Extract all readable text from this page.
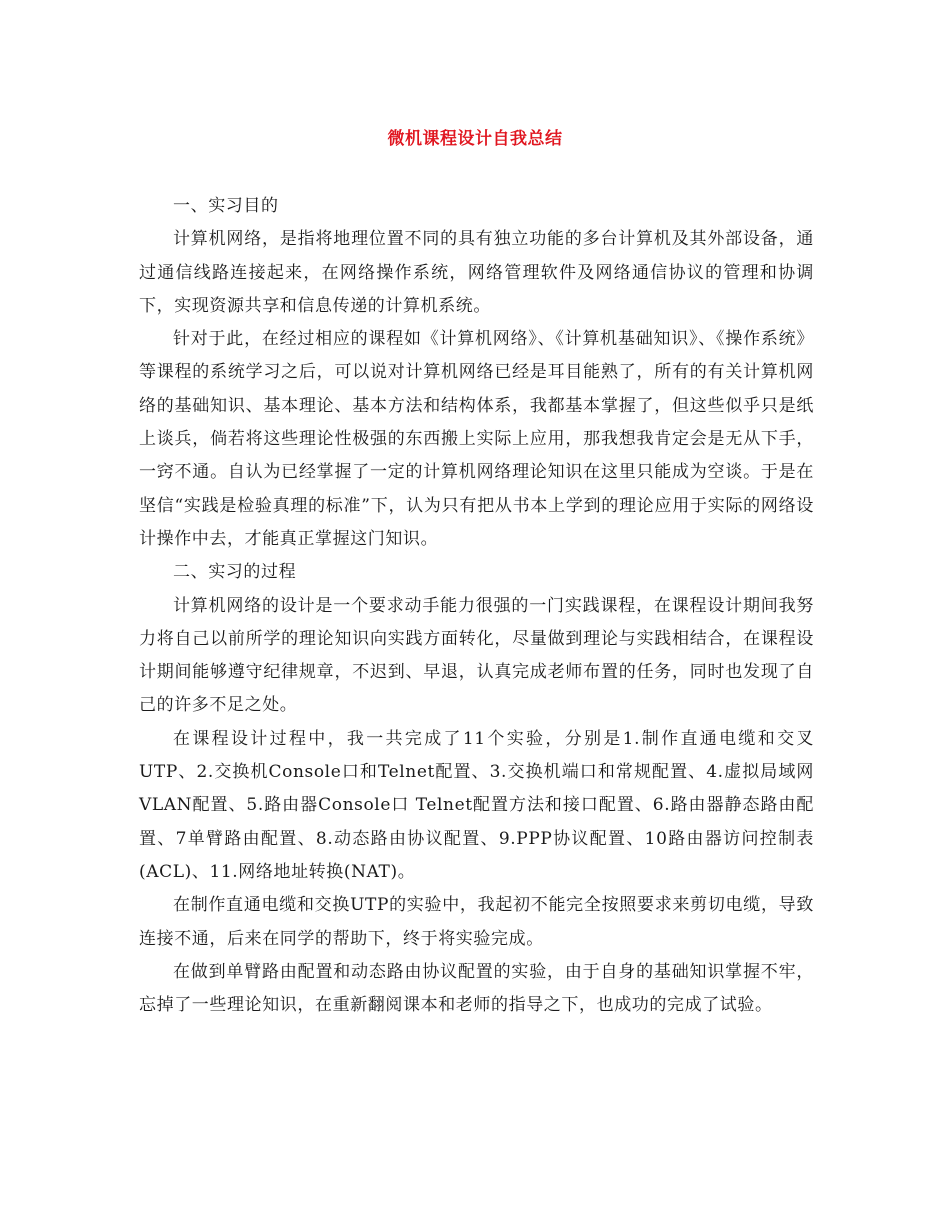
微机课程设计自我总结

一、实习目的

计算机网络，是指将地理位置不同的具有独立功能的多台计算机及其外部设备，通过通信线路连接起来，在网络操作系统，网络管理软件及网络通信协议的管理和协调下，实现资源共享和信息传递的计算机系统。

针对于此，在经过相应的课程如《计算机网络》、《计算机基础知识》、《操作系统》等课程的系统学习之后，可以说对计算机网络已经是耳目能熟了，所有的有关计算机网络的基础知识、基本理论、基本方法和结构体系，我都基本掌握了，但这些似乎只是纸上谈兵，倘若将这些理论性极强的东西搬上实际上应用，那我想我肯定会是无从下手，一窍不通。自认为已经掌握了一定的计算机网络理论知识在这里只能成为空谈。于是在坚信“实践是检验真理的标准”下，认为只有把从书本上学到的理论应用于实际的网络设计操作中去，才能真正掌握这门知识。

二、实习的过程

计算机网络的设计是一个要求动手能力很强的一门实践课程，在课程设计期间我努力将自己以前所学的理论知识向实践方面转化，尽量做到理论与实践相结合，在课程设计期间能够遵守纪律规章，不迟到、早退，认真完成老师布置的任务，同时也发现了自己的许多不足之处。

在课程设计过程中，我一共完成了11个实验，分别是1.制作直通电缆和交叉UTP、2.交换机Console口和Telnet配置、3.交换机端口和常规配置、4.虚拟局域网VLAN配置、5.路由器Console口 Telnet配置方法和接口配置、6.路由器静态路由配置、7单臂路由配置、8.动态路由协议配置、9.PPP协议配置、10路由器访问控制表(ACL)、11.网络地址转换(NAT)。

在制作直通电缆和交换UTP的实验中，我起初不能完全按照要求来剪切电缆，导致连接不通，后来在同学的帮助下，终于将实验完成。

在做到单臂路由配置和动态路由协议配置的实验，由于自身的基础知识掌握不牢，忘掉了一些理论知识，在重新翻阅课本和老师的指导之下，也成功的完成了试验。
